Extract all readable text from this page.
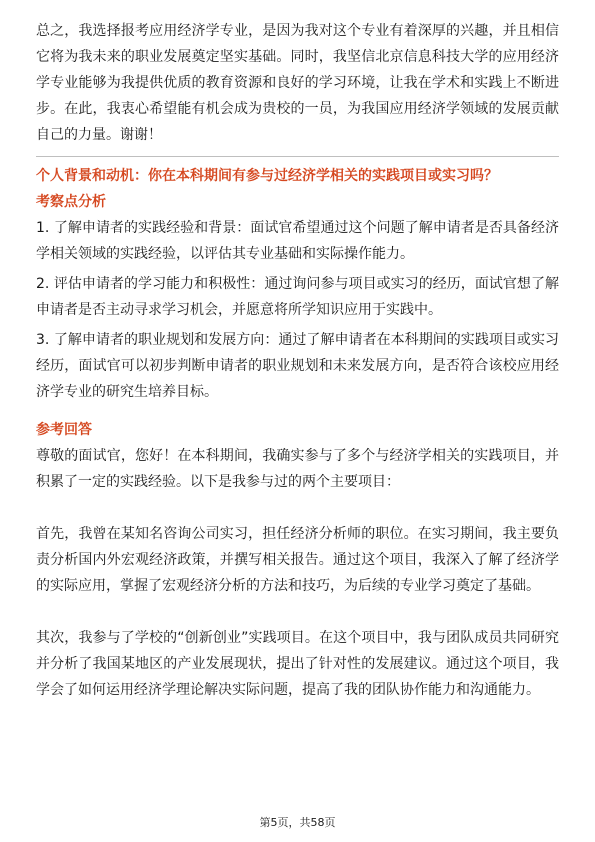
总之，我选择报考应用经济学专业，是因为我对这个专业有着深厚的兴趣，并且相信它将为我未来的职业发展奠定坚实基础。同时，我坚信北京信息科技大学的应用经济学专业能够为我提供优质的教育资源和良好的学习环境，让我在学术和实践上不断进步。在此，我衷心希望能有机会成为贵校的一员，为我国应用经济学领域的发展贡献自己的力量。谢谢！

个人背景和动机：你在本科期间有参与过经济学相关的实践项目或实习吗？
考察点分析

1. 了解申请者的实践经验和背景：面试官希望通过这个问题了解申请者是否具备经济学相关领域的实践经验，以评估其专业基础和实际操作能力。

2. 评估申请者的学习能力和积极性：通过询问参与项目或实习的经历，面试官想了解申请者是否主动寻求学习机会，并愿意将所学知识应用于实践中。

3. 了解申请者的职业规划和发展方向：通过了解申请者在本科期间的实践项目或实习经历，面试官可以初步判断申请者的职业规划和未来发展方向，是否符合该校应用经济学专业的研究生培养目标。

参考回答

尊敬的面试官，您好！在本科期间，我确实参与了多个与经济学相关的实践项目，并积累了一定的实践经验。以下是我参与过的两个主要项目：

首先，我曾在某知名咨询公司实习，担任经济分析师的职位。在实习期间，我主要负责分析国内外宏观经济政策，并撰写相关报告。通过这个项目，我深入了解了经济学的实际应用，掌握了宏观经济分析的方法和技巧，为后续的专业学习奠定了基础。

其次，我参与了学校的“创新创业”实践项目。在这个项目中，我与团队成员共同研究并分析了我国某地区的产业发展现状，提出了针对性的发展建议。通过这个项目，我学会了如何运用经济学理论解决实际问题，提高了我的团队协作能力和沟通能力。

第5页，共58页
